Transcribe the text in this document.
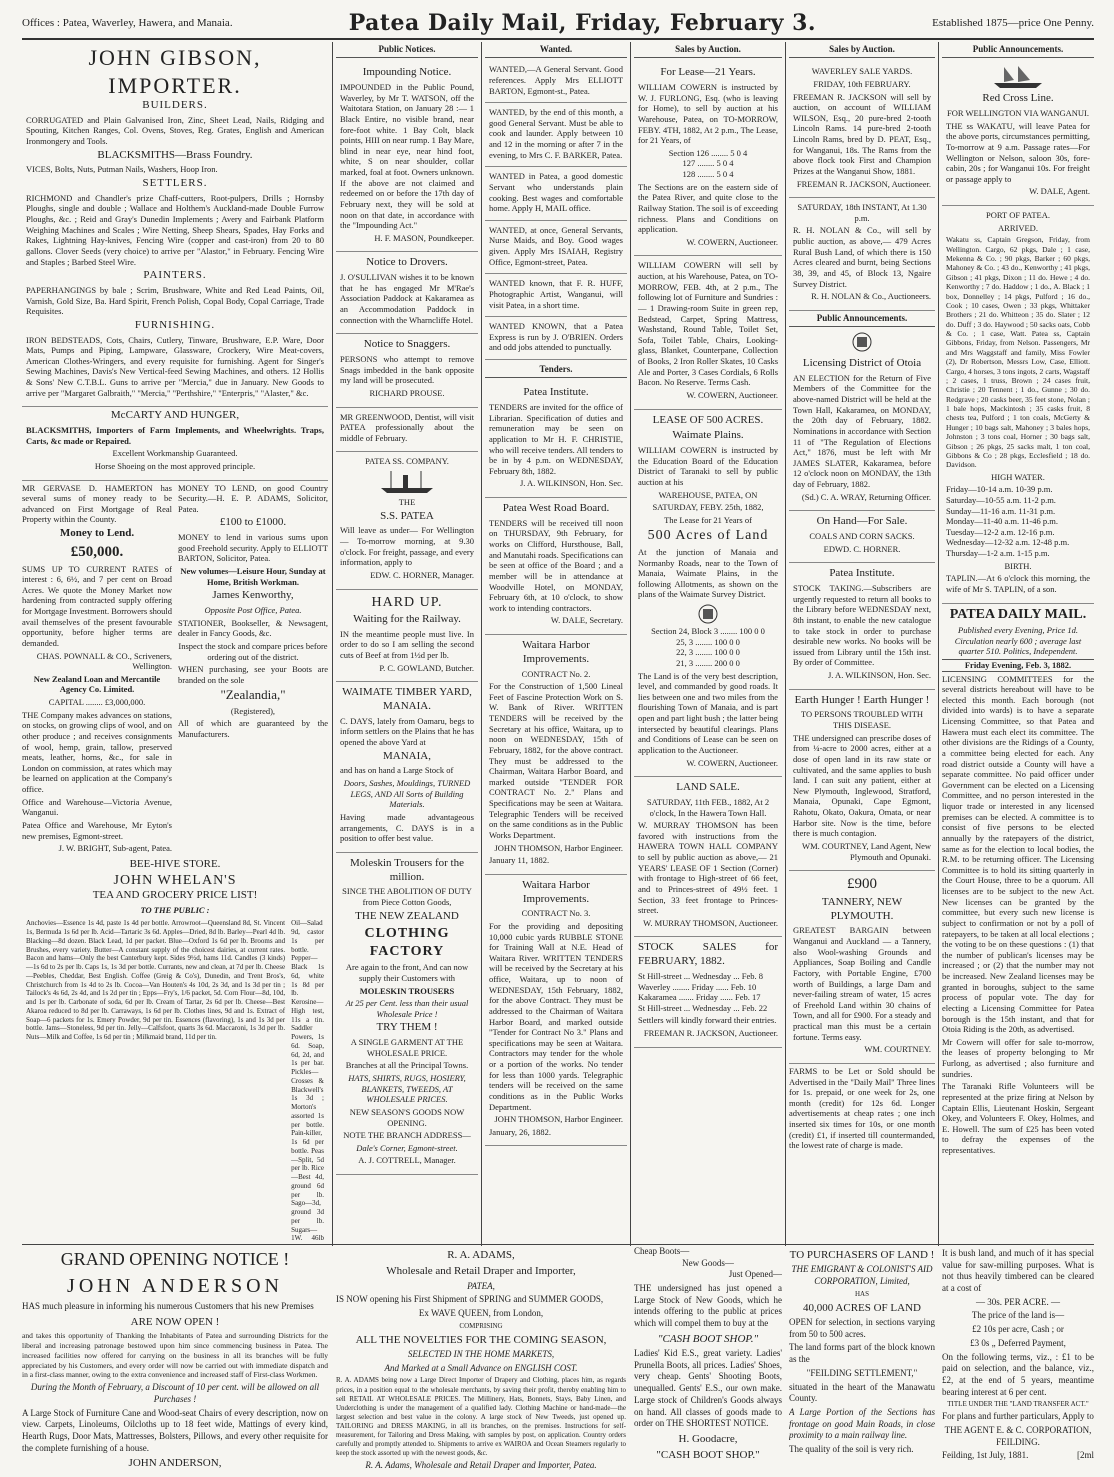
Offices : Patea, Waverley, Hawera, and Manaia.	Patea Daily Mail, Friday, February 3.	Established 1875—price One Penny.
JOHN GIBSON, IMPORTER.
BUILDERS.

CORRUGATED and Plain Galvanised Iron, Zinc, Sheet Lead, Nails, Ridging and Spouting, Kitchen Ranges, Col. Ovens, Stoves, Reg. Grates, English and American Ironmongery and Tools.

BLACKSMITHS—Brass Foundry.

VICES, Bolts, Nuts, Putman Nails, Washers, Hoop Iron.

SETTLERS.

RICHMOND and Chandler's prize Chaff-cutters, Root-pulpers, Drills ; Hornsby Ploughs, single and double ; Wallace and Holthem's Auckland-made Double Furrow Ploughs, &c. ; Reid and Gray's Dunedin Implements ; Avery and Fairbank Platform Weighing Machines and Scales ; Wire Netting, Sheep Shears, Spades, Hay Forks and Rakes, Lightning Hay-knives, Fencing Wire (copper and cast-iron) from 20 to 80 gallons. Clover Seeds (very choice) to arrive per "Alastor," in February. Fencing Wire and Staples ; Barbed Steel Wire.

PAINTERS.

PAPERHANGINGS by bale ; Scrim, Brushware, White and Red Lead Paints, Oil, Varnish, Gold Size, Ba. Hard Spirit, French Polish, Copal Body, Copal Carriage, Trade Requisites.

FURNISHING.

IRON BEDSTEADS, Cots, Chairs, Cutlery, Tinware, Brushware, E.P. Ware, Door Mats, Pumps and Piping, Lampware, Glassware, Crockery, Wire Meat-covers, American Clothes-Wringers, and every requisite for furnishing. Agent for Singer's Sewing Machines, Davis's New Vertical-feed Sewing Machines, and others. 12 Hollis & Sons' New C.T.B.L. Guns to arrive per "Mercia," due in January. New Goods to arrive per "Margaret Galbraith," "Mercia," "Perthshire," "Enterpris," "Alaster," &c.

McCARTY AND HUNGER,

BLACKSMITHS, Importers of Farm Implements, and Wheelwrights. Traps, Carts, &c made or Repaired.

Excellent Workmanship Guaranteed.

Horse Shoeing on the most approved principle.

MR GERVASE D. HAMERTON has several sums of money ready to be advanced on First Mortgage of Real Property within the County.

Money to Lend.
£50,000.

SUMS UP TO CURRENT RATES of interest : 6, 6½, and 7 per cent on Broad Acres. We quote the Money Market now hardening from contracted supply offering for Mortgage Investment. Borrowers should avail themselves of the present favourable opportunity, before higher terms are demanded.

CHAS. POWNALL & CO., Scriveners, Wellington.

New Zealand Loan and Mercantile Agency Co. Limited.

CAPITAL ........ £3,000,000.

THE Company makes advances on stations, on stocks, on growing clips of wool, and on other produce ; and receives consignments of wool, hemp, grain, tallow, preserved meats, leather, horns, &c., for sale in London on commission, at rates which may be learned on application at the Company's office.

Office and Warehouse—Victoria Avenue, Wanganui.

Patea Office and Warehouse, Mr Eyton's new premises, Egmont-street.

J. W. BRIGHT, Sub-agent, Patea.

MONEY TO LEND, on good Country Security.—H. E. P. ADAMS, Solicitor, Patea.

£100 to £1000.

MONEY to lend in various sums upon good Freehold security. Apply to ELLIOTT BARTON, Solicitor, Patea.

New volumes—Leisure Hour, Sunday at Home, British Workman.

James Kenworthy,

Opposite Post Office, Patea.

STATIONER, Bookseller, & Newsagent, dealer in Fancy Goods, &c.

Inspect the stock and compare prices before ordering out of the district.

WHEN purchasing, see your Boots are branded on the sole

"Zealandia,"

(Registered),

All of which are guaranteed by the Manufacturers.

BEE-HIVE STORE.
JOHN WHELAN'S
TEA AND GROCERY PRICE LIST!

TO THE PUBLIC :

Anchovies—Essence 1s 4d, paste 1s 4d per bottle. Arrowroot—Queensland 8d, St. Vincent 1s, Bermuda 1s 6d per lb. Acid—Tartaric 3s 6d. Apples—Dried, 8d lb. Barley—Pearl 4d lb. Blacking—8d dozen. Black Lead, 1d per packet. Blue—Oxford 1s 6d per lb. Brooms and Brushes, every variety. Butter—A constant supply of the choicest dairies, at current rates. Bacon and hams—Only the best Canterbury kept. Sides 9½d, hams 11d. Candles (3 kinds)—1s 6d to 2s per lb. Caps 1s, 1s 3d per bottle. Currants, new and clean, at 7d per lb. Cheese—Peebles, Cheddar, Best English. Coffee (Greig & Co's), Dunedin, and Trent Bros's, Christchurch from 1s 4d to 2s lb. Cocoa—Van Houten's 4s 10d, 2s 3d, and 1s 3d per tin ; Tailock's 4s 6d, 2s 4d, and 1s 2d per tin ; Epps—Fry's, 1/6 packet, 5d. Corn Flour—8d, 10d, and 1s per lb. Carbonate of soda, 6d per lb. Cream of Tartar, 2s 6d per lb. Cheese—Best Akaroa reduced to 8d per lb. Carraways, 1s 6d per lb. Clothes lines, 9d and 1s. Extract of Soap—6 packets for 1s. Emery Powder, 9d per tin. Essences (flavoring), 1s and 1s 3d per bottle. Jams—Stoneless, 9d per tin. Jelly—Calfsfoot, quarts 3s 6d. Maccaroni, 1s 3d per lb. Nuts—Milk and Coffee, 1s 6d per tin ; Milkmaid brand, 11d per tin.

Oil—Salad 9d, castor 1s per bottle. Pepper—Black 1s 6d, white 1s 8d per lb. Kerosine—High test, 11s a tin. Saddler Powers, 1s 6d. Soap, 6d, 2d, and 1s per bar. Pickles—Crosses & Blackwell's 1s 3d ; Morton's assorted 1s per bottle. Pain-killer, 1s 6d per bottle. Peas—Split, 5d per lb. Rice—Best 4d, ground 6d per lb. Sago—3d, ground 3d per lb. Sugars—1W. 46lb

Public Notices.

Impounding Notice.

IMPOUNDED in the Public Pound, Waverley, by Mr T. WATSON, off the Waitotara Station, on January 28 :— 1 Black Entire, no visible brand, near fore-foot white. 1 Bay Colt, black points, HIII on near rump. 1 Bay Mare, blind in near eye, near hind foot, white, S on near shoulder, collar marked, foal at foot. Owners unknown. If the above are not claimed and redeemed on or before the 17th day of February next, they will be sold at noon on that date, in accordance with the "Impounding Act."

H. F. MASON, Poundkeeper.

Notice to Drovers.

J. O'SULLIVAN wishes it to be known that he has engaged Mr M'Rae's Association Paddock at Kakaramea as an Accommodation Paddock in connection with the Wharncliffe Hotel.

Notice to Snaggers.

PERSONS who attempt to remove Snags imbedded in the bank opposite my land will be prosecuted.

RICHARD PROUSE.

MR GREENWOOD, Dentist, will visit PATEA professionally about the middle of February.

PATEA SS. COMPANY.

THE

S.S. PATEA

Will leave as under— For Wellington— To-morrow morning, at 9.30 o'clock. For freight, passage, and every information, apply to

EDW. C. HORNER, Manager.

HARD UP.

Waiting for the Railway.

IN the meantime people must live. In order to do so I am selling the second cuts of Beef at from 1½d per lb.

P. C. GOWLAND, Butcher.

WAIMATE TIMBER YARD, MANAIA.

C. DAYS, lately from Oamaru, begs to inform settlers on the Plains that he has opened the above Yard at

MANAIA,

and has on hand a Large Stock of

Doors, Sashes, Mouldings, TURNED LEGS, AND All Sorts of Building Materials.

Having made advantageous arrangements, C. DAYS is in a position to offer best value.

Moleskin Trousers for the million.

SINCE THE ABOLITION OF DUTY from Piece Cotton Goods,

THE NEW ZEALAND

CLOTHING FACTORY

Are again to the front, And can now supply their Customers with

MOLESKIN TROUSERS

At 25 per Cent. less than their usual Wholesale Price !

TRY THEM !

A SINGLE GARMENT AT THE WHOLESALE PRICE.

Branches at all the Principal Towns.

HATS, SHIRTS, RUGS, HOSIERY, BLANKETS, TWEEDS, AT WHOLESALE PRICES.

NEW SEASON'S GOODS NOW OPENING.

NOTE THE BRANCH ADDRESS—

Dale's Corner, Egmont-street.

A. J. COTTRELL, Manager.

Wanted.

WANTED,—A General Servant. Good references. Apply Mrs ELLIOTT BARTON, Egmont-st., Patea.

WANTED, by the end of this month, a good General Servant. Must be able to cook and launder. Apply between 10 and 12 in the morning or after 7 in the evening, to Mrs C. F. BARKER, Patea.

WANTED in Patea, a good domestic Servant who understands plain cooking. Best wages and comfortable home. Apply H, MAIL office.

WANTED, at once, General Servants, Nurse Maids, and Boy. Good wages given. Apply Mrs ISAIAH, Registry Office, Egmont-street, Patea.

WANTED known, that F. R. HUFF, Photographic Artist, Wanganui, will visit Patea, in a short time.

WANTED KNOWN, that a Patea Express is run by J. O'BRIEN. Orders and odd jobs attended to punctually.

Tenders.

Patea Institute.

TENDERS are invited for the office of Librarian. Specification of duties and remuneration may be seen on application to Mr H. F. CHRISTIE, who will receive tenders. All tenders to be in by 4 p.m. on WEDNESDAY, February 8th, 1882.

J. A. WILKINSON, Hon. Sec.

Patea West Road Board.

TENDERS will be received till noon on THURSDAY, 9th February, for works on Clifford, Hursthouse, Ball, and Manutahi roads. Specifications can be seen at office of the Board ; and a member will be in attendance at Woodville Hotel, on MONDAY, February 6th, at 10 o'clock, to show work to intending contractors.

W. DALE, Secretary.

Waitara Harbor Improvements.

CONTRACT No. 2.

For the Construction of 1,500 Lineal Feet of Fascine Protection Work on S. W. Bank of River. WRITTEN TENDERS will be received by the Secretary at his office, Waitara, up to noon on WEDNESDAY, 15th of February, 1882, for the above contract. They must be addressed to the Chairman, Waitara Harbor Board, and marked outside "TENDER FOR CONTRACT No. 2." Plans and Specifications may be seen at Waitara. Telegraphic Tenders will be received on the same conditions as in the Public Works Department.

JOHN THOMSON, Harbor Engineer.

January 11, 1882.

Waitara Harbor Improvements.

CONTRACT No. 3.

For the providing and depositing 10,000 cubic yards RUBBLE STONE for Training Wall at N.E. Head of Waitara River. WRITTEN TENDERS will be received by the Secretary at his office, Waitara, up to noon of WEDNESDAY, 15th February, 1882, for the above Contract. They must be addressed to the Chairman of Waitara Harbor Board, and marked outside "Tender for Contract No 3." Plans and specifications may be seen at Waitara. Contractors may tender for the whole or a portion of the works. No tender for less than 1000 yards. Telegraphic tenders will be received on the same conditions as in the Public Works Department.

JOHN THOMSON, Harbor Engineer.

January, 26, 1882.

Sales by Auction.

For Lease—21 Years.

WILLIAM COWERN is instructed by W. J. FURLONG, Esq. (who is leaving for Home), to sell by auction at his Warehouse, Patea, on TO-MORROW, FEBY. 4TH, 1882, At 2 p.m., The Lease, for 21 Years, of

Section 126 ........ 5 0 4

127 ........ 5 0 4

128 ........ 5 0 4

The Sections are on the eastern side of the Patea River, and quite close to the Railway Station. The soil is of exceeding richness. Plans and Conditions on application.

W. COWERN, Auctioneer.

WILLIAM COWERN will sell by auction, at his Warehouse, Patea, on TO-MORROW, FEB. 4th, at 2 p.m., The following lot of Furniture and Sundries :— 1 Drawing-room Suite in green rep, Bedstead, Carpet, Spring Mattress, Washstand, Round Table, Toilet Set, Sofa, Toilet Table, Chairs, Looking-glass, Blanket, Counterpane, Collection of Books, 2 Iron Roller Skates, 10 Casks Ale and Porter, 3 Cases Cordials, 6 Rolls Bacon. No Reserve. Terms Cash.

W. COWERN, Auctioneer.

LEASE OF 500 ACRES.

Waimate Plains.

WILLIAM COWERN is instructed by the Education Board of the Education District of Taranaki to sell by public auction at his

WAREHOUSE, PATEA, ON

SATURDAY, FEBY. 25th, 1882,

The Lease for 21 Years of

500 Acres of Land

At the junction of Manaia and Normanby Roads, near to the Town of Manaia, Waimate Plains, in the following Allotments, as shown on the plans of the Waimate Survey District.

Section 24, Block 3 ........ 100 0 0

25, 3 ........ 100 0 0

22, 3 ........ 100 0 0

21, 3 ........ 200 0 0

The Land is of the very best description, level, and commanded by good roads. It lies between one and two miles from the flourishing Town of Manaia, and is part open and part light bush ; the latter being intersected by beautiful clearings. Plans and Conditions of Lease can be seen on application to the Auctioneer.

W. COWERN, Auctioneer.

LAND SALE.

SATURDAY, 11th FEB., 1882, At 2 o'clock, In the Hawera Town Hall.

W. MURRAY THOMSON has been favored with instructions from the HAWERA TOWN HALL COMPANY to sell by public auction as above,— 21 YEARS' LEASE OF 1 Section (Corner) with frontage to High-street of 66 feet, and to Princes-street of 49½ feet. 1 Section, 33 feet frontage to Princes-street.

W. MURRAY THOMSON, Auctioneer.

STOCK SALES for FEBRUARY, 1882.

St Hill-street ... Wednesday ... Feb. 8

Waverley ........ Friday ...... Feb. 10

Kakaramea ....... Friday ...... Feb. 17

St Hill-street ... Wednesday ... Feb. 22

Settlers will kindly forward their entries.

FREEMAN R. JACKSON, Auctioneer.

Sales by Auction.

WAVERLEY SALE YARDS.

FRIDAY, 10th FEBRUARY.

FREEMAN R. JACKSON will sell by auction, on account of WILLIAM WILSON, Esq., 20 pure-bred 2-tooth Lincoln Rams. 14 pure-bred 2-tooth Lincoln Rams, bred by D. PEAT, Esq., for Wanganui, 18s. The Rams from the above flock took First and Champion Prizes at the Wanganui Show, 1881.

FREEMAN R. JACKSON, Auctioneer.

SATURDAY, 18th INSTANT, At 1.30 p.m.

R. H. NOLAN & Co., will sell by public auction, as above,— 479 Acres Rural Bush Land, of which there is 150 Acres cleared and burnt, being Sections 38, 39, and 45, of Block 13, Ngaire Survey District.

R. H. NOLAN & Co., Auctioneers.

Public Announcements.

Licensing District of Otoia

AN ELECTION for the Return of Five Members of the Committee for the above-named District will be held at the Town Hall, Kakaramea, on MONDAY, the 20th day of February, 1882. Nominations in accordance with Section 11 of "The Regulation of Elections Act," 1876, must be left with Mr JAMES SLATER, Kakaramea, before 12 o'clock noon on MONDAY, the 13th day of February, 1882.

(Sd.) C. A. WRAY, Returning Officer.

On Hand—For Sale.

COALS AND CORN SACKS.

EDWD. C. HORNER.

Patea Institute.

STOCK TAKING.—Subscribers are urgently requested to return all books to the Library before WEDNESDAY next, 8th instant, to enable the new catalogue to take stock in order to purchase desirable new works. No books will be issued from Library until the 15th inst. By order of Committee.

J. A. WILKINSON, Hon. Sec.

Earth Hunger ! Earth Hunger !

TO PERSONS TROUBLED WITH THIS DISEASE.

THE undersigned can prescribe doses of from ¼-acre to 2000 acres, either at a dose of open land in its raw state or cultivated, and the same applies to bush land. I can suit any patient, either at New Plymouth, Inglewood, Stratford, Manaia, Opunaki, Cape Egmont, Rahotu, Okato, Oakura, Omata, or near Harbor site. Now is the time, before there is much contagion.

WM. COURTNEY, Land Agent, New Plymouth and Opunaki.

£900

TANNERY, NEW PLYMOUTH.

GREATEST BARGAIN between Wanganui and Auckland — a Tannery, also Wool-washing Grounds and Appliances, Soap Boiling and Candle Factory, with Portable Engine, £700 worth of Buildings, a large Dam and never-failing stream of water, 15 acres of Freehold Land within 30 chains of Town, and all for £900. For a steady and practical man this must be a certain fortune. Terms easy.

WM. COURTNEY.

FARMS to be Let or Sold should be Advertised in the "Daily Mail" Three lines for 1s. prepaid, or one week for 2s, one month (credit) for 12s 6d. Longer advertisements at cheap rates ; one inch inserted six times for 10s, or one month (credit) £1, if inserted till countermanded, the lowest rate of charge is made.

Public Announcements.

Red Cross Line.

FOR WELLINGTON VIA WANGANUI.

THE ss WAKATU, will leave Patea for the above ports, circumstances permitting, To-morrow at 9 a.m. Passage rates—For Wellington or Nelson, saloon 30s, fore-cabin, 20s ; for Wanganui 10s. For freight or passage apply to

W. DALE, Agent.

PORT OF PATEA.

ARRIVED.

Wakatu ss, Captain Gregson, Friday, from Wellington. Cargo, 62 pkgs, Dale ; 1 case, Mekenna & Co. ; 90 pkgs, Barker ; 60 pkgs, Mahoney & Co. ; 43 do., Kenworthy ; 41 pkgs, Gibson ; 41 pkgs, Dixon ; 11 do. Hewe ; 4 do. Kenworthy ; 7 do. Haddow ; 1 do., A. Black ; 1 box, Donnelley ; 14 pkgs, Pulford ; 16 do., Cook ; 10 cases, Owen ; 33 pkgs, Whittaker Brothers ; 21 do. Whitteon ; 35 do. Slater ; 12 do. Duff ; 3 do. Haywood ; 50 sacks oats, Cobb & Co. ; 1 case, Watt. Patea ss, Captain Gibbons, Friday, from Nelson. Passengers, Mr and Mrs Waggstaff and family, Miss Fowler (2), Dr Robertson, Messrs Low, Case, Elliott. Cargo, 4 horses, 3 tons ingots, 2 carts, Wagstaff ; 2 cases, 1 truss, Brown ; 24 cases fruit, Christie ; 20 Tennent ; 1 do., Gunne ; 30 do. Redgrave ; 20 casks beer, 35 feet stone, Nolan ; 1 bale hops, Mackintosh ; 35 casks fruit, 8 chests tea, Pulford ; 1 ton coals, McGerty & Hunger ; 10 bags salt, Mahoney ; 3 bales hops, Johnston ; 3 tons coal, Horner ; 30 bags salt, Gibson ; 26 pkgs, 25 sacks malt, 1 ton coal, Gibbons & Co ; 28 pkgs, Ecclesfield ; 18 do. Davidson.

HIGH WATER.

Friday—10-14 a.m. 10-39 p.m.

Saturday—10-55 a.m. 11-2 p.m.

Sunday—11-16 a.m. 11-31 p.m.

Monday—11-40 a.m. 11-46 p.m.

Tuesday—12-2 a.m. 12-16 p.m.

Wednesday—12-32 a.m. 12-48 p.m.

Thursday—1-2 a.m. 1-15 p.m.

BIRTH.

TAPLIN.—At 6 o'clock this morning, the wife of Mr S. TAPLIN, of a son.

PATEA DAILY MAIL.

Published every Evening, Price 1d. Circulation nearly 600 ; average last quarter 510. Politics, Independent.

Friday Evening, Feb. 3, 1882.

LICENSING COMMITTEES for the several districts hereabout will have to be elected this month. Each borough (not divided into wards) is to have a separate Licensing Committee, so that Patea and Hawera must each elect its committee. The other divisions are the Ridings of a County, a committee being elected for each. Any road district outside a County will have a separate committee. No paid officer under Government can be elected on a Licensing Committee, and no person interested in the liquor trade or interested in any licensed premises can be elected. A committee is to consist of five persons to be elected annually by the ratepayers of the district, same as for the election to local bodies, the R.M. to be returning officer. The Licensing Committee is to hold its sitting quarterly in the Court House, three to be a quorum. All licenses are to be subject to the new Act. New licenses can be granted by the committee, but every such new license is subject to confirmation or not by a poll of ratepayers, to be taken at all local elections ; the voting to be on these questions : (1) that the number of publican's licenses may be increased ; or (2) that the number may not be increased. New Zealand licenses may be granted in boroughs, subject to the same process of popular vote. The day for electing a Licensing Committee for Patea borough is the 15th instant, and that for Otoia Riding is the 20th, as advertised.

Mr Cowern will offer for sale to-morrow, the leases of property belonging to Mr Furlong, as advertised ; also furniture and sundries.

The Taranaki Rifle Volunteers will be represented at the prize firing at Nelson by Captain Ellis, Lieutenant Hoskin, Sergeant Okey, and Volunteers F. Okey, Holmes, and E. Howell. The sum of £25 has been voted to defray the expenses of the representatives.

GRAND OPENING NOTICE !

JOHN ANDERSON

HAS much pleasure in informing his numerous Customers that his new Premises

ARE NOW OPEN !

and takes this opportunity of Thanking the Inhabitants of Patea and surrounding Districts for the liberal and increasing patronage bestowed upon him since commencing business in Patea. The increased facilities now offered for carrying on the business in all its branches will be fully appreciated by his Customers, and every order will now be carried out with immediate dispatch and in a first-class manner, owing to the extra convenience and increased staff of First-class Workmen.

During the Month of February, a Discount of 10 per cent. will be allowed on all Purchases !

A Large Stock of Furniture Cane and Wood-seat Chairs of every description, now on view. Carpets, Linoleums, Oilcloths up to 18 feet wide, Mattings of every kind, Hearth Rugs, Door Mats, Mattresses, Bolsters, Pillows, and every other requisite for the complete furnishing of a house.

JOHN ANDERSON,

R. A. ADAMS,

Wholesale and Retail Draper and Importer,

PATEA,

IS NOW opening his First Shipment of SPRING and SUMMER GOODS,

Ex WAVE QUEEN, from London,

COMPRISING

ALL THE NOVELTIES FOR THE COMING SEASON,

SELECTED IN THE HOME MARKETS,

And Marked at a Small Advance on ENGLISH COST.

R. A. ADAMS being now a Large Direct Importer of Drapery and Clothing, places him, as regards prices, in a position equal to the wholesale merchants, by saving their profit, thereby enabling him to sell RETAIL AT WHOLESALE PRICES. The Millinery, Hats, Bonnets, Stays, Baby Linen, and Underclothing is under the management of a qualified lady. Clothing Machine or hand-made—the largest selection and best value in the colony. A large stock of New Tweeds, just opened up. TAILORING and DRESS MAKING, in all its branches, on the premises. Instructions for self-measurement, for Tailoring and Dress Making, with samples by post, on application. Country orders carefully and promptly attended to. Shipments to arrive ex WAIROA and Ocean Steamers regularly to keep the stock assorted up with the newest goods, &c.

R. A. Adams, Wholesale and Retail Draper and Importer, Patea.

Cheap Boots—

New Goods—

Just Opened—

THE undersigned has just opened a Large Stock of New Goods, which he intends offering to the public at prices which will compel them to buy at the

"CASH BOOT SHOP."

Ladies' Kid E.S., great variety. Ladies' Prunella Boots, all prices. Ladies' Shoes, very cheap. Gents' Shooting Boots, unequalled. Gents' E.S., our own make. Large stock of Children's Goods always on hand. All classes of goods made to order on THE SHORTEST NOTICE.

H. Goodacre,

"CASH BOOT SHOP."

TO PURCHASERS OF LAND !

THE EMIGRANT & COLONIST'S AID CORPORATION, Limited,

HAS

40,000 ACRES OF LAND

OPEN for selection, in sections varying from 50 to 500 acres.

The land forms part of the block known as the

"FEILDING SETTLEMENT,"

situated in the heart of the Manawatu County.

A Large Portion of the Sections has frontage on good Main Roads, in close proximity to a main railway line.

The quality of the soil is very rich.

It is bush land, and much of it has special value for saw-milling purposes. What is not thus heavily timbered can be cleared at a cost of

— 30s. PER ACRE. —

The price of the land is—

£2 10s per acre, Cash ; or

£3 0s „ Deferred Payment,

On the following terms, viz., : £1 to be paid on selection, and the balance, viz., £2, at the end of 5 years, meantime bearing interest at 6 per cent.

TITLE UNDER THE "LAND TRANSFER ACT."

For plans and further particulars, Apply to

THE AGENT E. & C. CORPORATION, FEILDING.

Feilding, 1st July, 1881.	[2ml
